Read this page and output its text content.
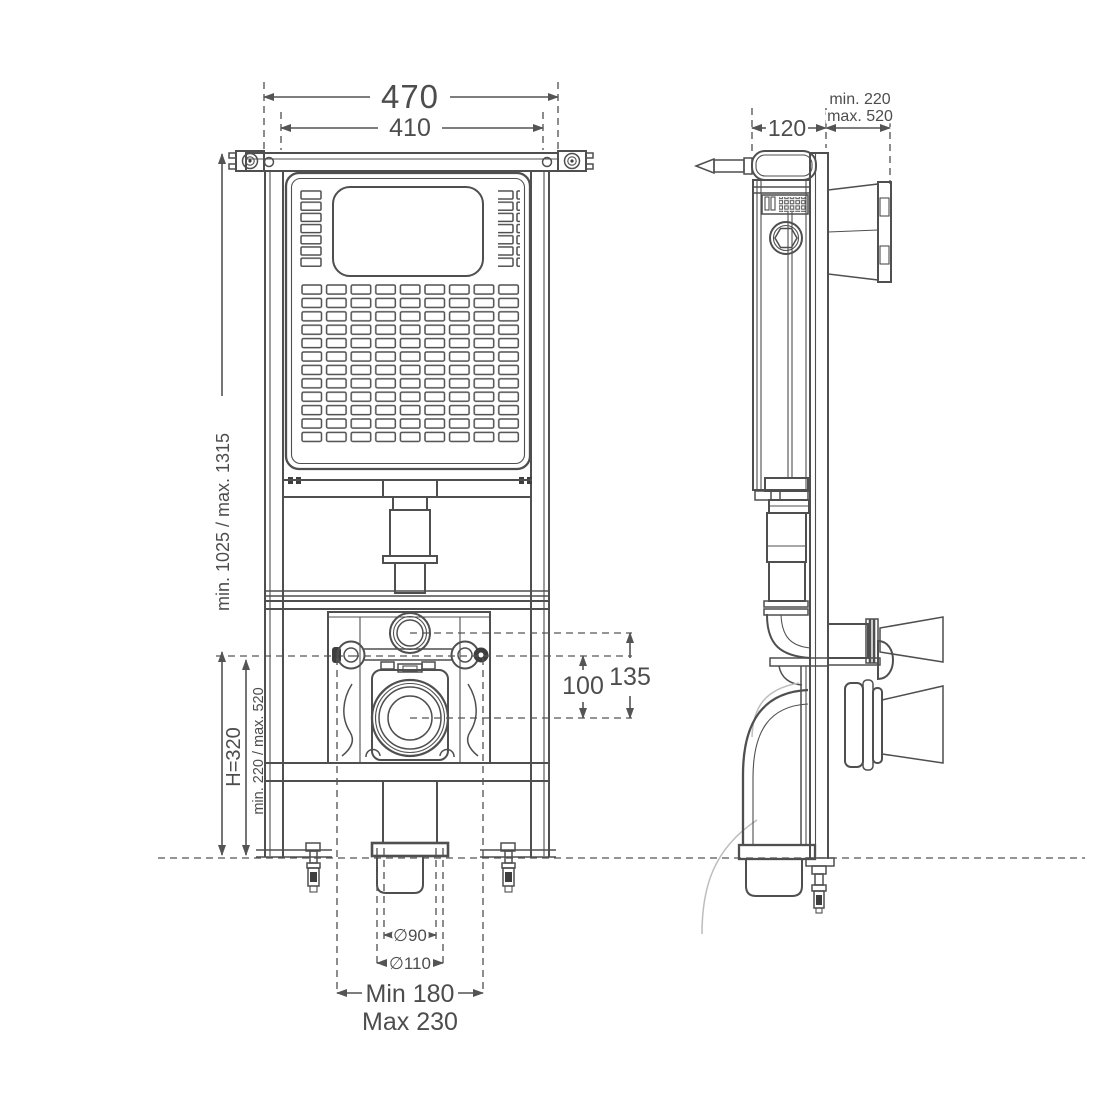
470
410
min. 1025 / max. 1315
H=320 min. 220 / max. 520
100 135
∅90
∅110
Min 180
Max 230
120
min. 220
max. 520
